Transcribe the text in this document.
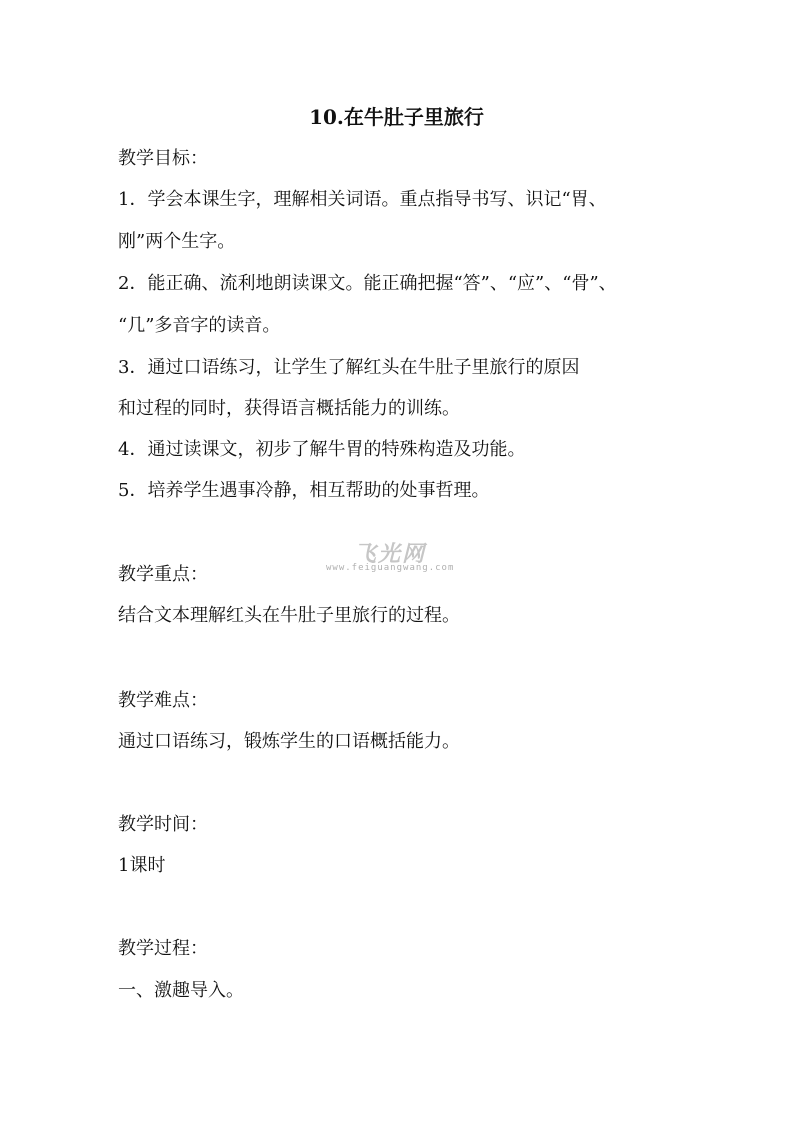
10.在牛肚子里旅行
教学目标：
1．学会本课生字，理解相关词语。重点指导书写、识记“胃、
刚”两个生字。
2．能正确、流利地朗读课文。能正确把握“答”、“应”、“骨”、
“几”多音字的读音。
3．通过口语练习，让学生了解红头在牛肚子里旅行的原因
和过程的同时，获得语言概括能力的训练。
4．通过读课文，初步了解牛胃的特殊构造及功能。
5．培养学生遇事冷静，相互帮助的处事哲理。
飞光网
www.feiguangwang.com
教学重点：
结合文本理解红头在牛肚子里旅行的过程。
教学难点：
通过口语练习，锻炼学生的口语概括能力。
教学时间：
1课时
教学过程：
一、激趣导入。
